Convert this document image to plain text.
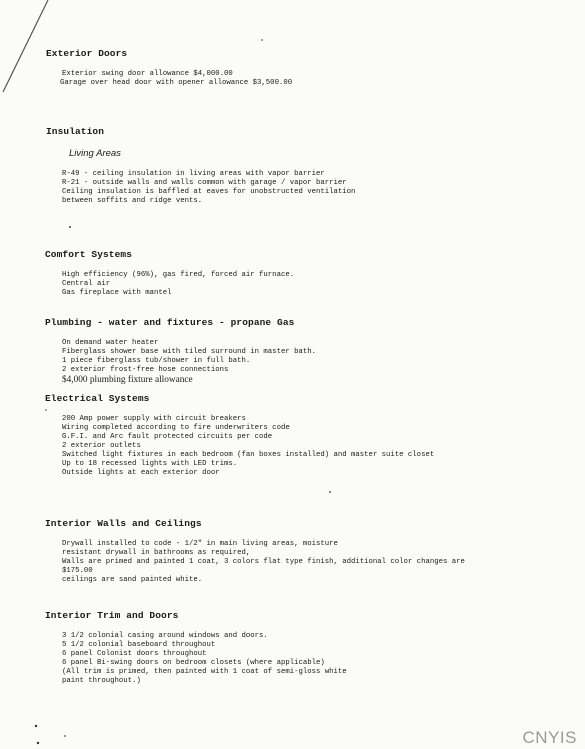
Exterior Doors
Exterior swing door allowance $4,000.00
Garage over head door with opener allowance $3,500.00
Insulation
Living Areas
R-49 - ceiling insulation in living areas with vapor barrier
R-21 - outside walls and walls common with garage / vapor barrier
Ceiling insulation is baffled at eaves for unobstructed ventilation
between soffits and ridge vents.
Comfort Systems
High efficiency (96%), gas fired, forced air furnace.
Central air
Gas fireplace with mantel
Plumbing - water and fixtures - propane Gas
On demand water heater
Fiberglass shower base with tiled surround in master bath.
1 piece fiberglass tub/shower in full bath.
2 exterior frost-free hose connections
$4,000 plumbing fixture allowance
Electrical Systems
200 Amp power supply with circuit breakers
Wiring completed according to fire underwriters code
G.F.I. and Arc fault protected circuits per code
2 exterior outlets
Switched light fixtures in each bedroom (fan boxes installed) and master suite closet
Up to 18 recessed lights with LED trims.
Outside lights at each exterior door
Interior Walls and Ceilings
Drywall installed to code - 1/2" in main living areas, moisture
resistant drywall in bathrooms as required,
Walls are primed and painted 1 coat, 3 colors flat type finish, additional color changes are
$175.00
ceilings are sand painted white.
Interior Trim and Doors
3 1/2 colonial casing around windows and doors.
5 1/2 colonial baseboard throughout
6 panel Colonist doors throughout
6 panel Bi-swing doors on bedroom closets (where applicable)
(All trim is primed, then painted with 1 coat of semi-gloss white
paint throughout.)
CNYIS
